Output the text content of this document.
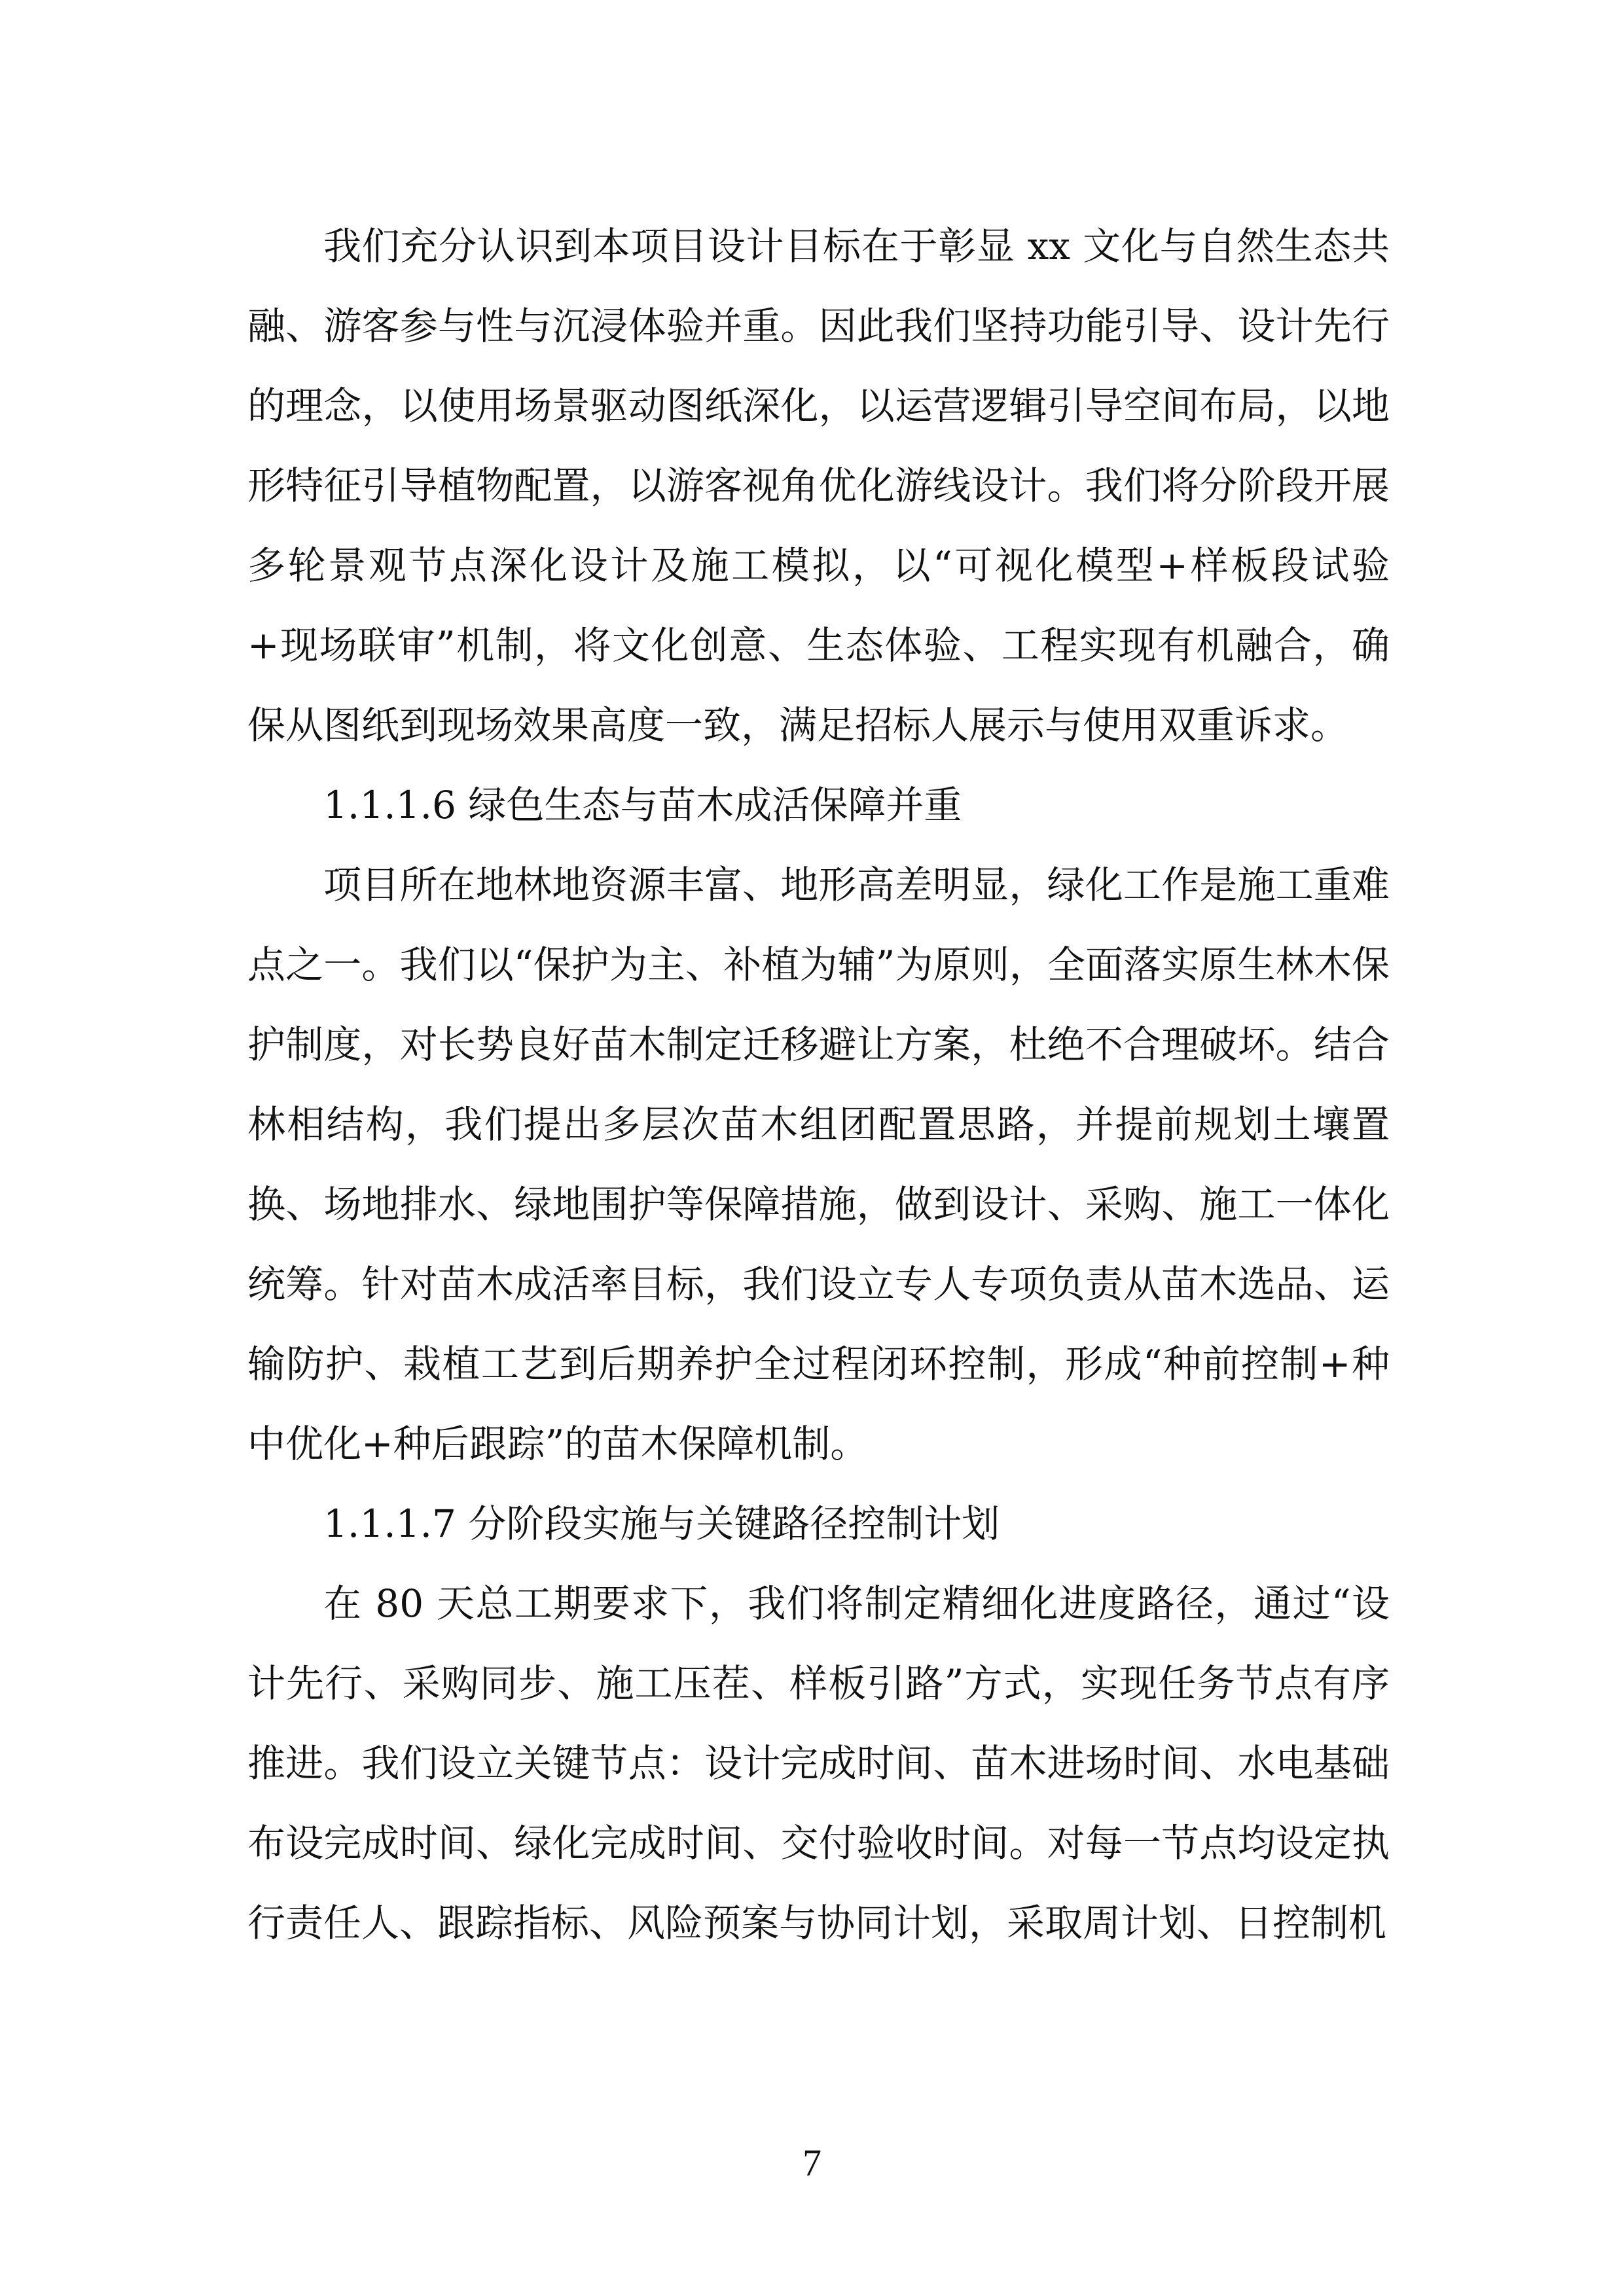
我们充分认识到本项目设计目标在于彰显 xx 文化与自然生态共融、游客参与性与沉浸体验并重。因此我们坚持功能引导、设计先行的理念，以使用场景驱动图纸深化，以运营逻辑引导空间布局，以地形特征引导植物配置，以游客视角优化游线设计。我们将分阶段开展多轮景观节点深化设计及施工模拟，以“可视化模型+样板段试验+现场联审”机制，将文化创意、生态体验、工程实现有机融合，确保从图纸到现场效果高度一致，满足招标人展示与使用双重诉求。

1.1.1.6 绿色生态与苗木成活保障并重

项目所在地林地资源丰富、地形高差明显，绿化工作是施工重难点之一。我们以“保护为主、补植为辅”为原则，全面落实原生林木保护制度，对长势良好苗木制定迁移避让方案，杜绝不合理破坏。结合林相结构，我们提出多层次苗木组团配置思路，并提前规划土壤置换、场地排水、绿地围护等保障措施，做到设计、采购、施工一体化统筹。针对苗木成活率目标，我们设立专人专项负责从苗木选品、运输防护、栽植工艺到后期养护全过程闭环控制，形成“种前控制+种中优化+种后跟踪”的苗木保障机制。

1.1.1.7 分阶段实施与关键路径控制计划

在 80 天总工期要求下，我们将制定精细化进度路径，通过“设计先行、采购同步、施工压茬、样板引路”方式，实现任务节点有序推进。我们设立关键节点：设计完成时间、苗木进场时间、水电基础布设完成时间、绿化完成时间、交付验收时间。对每一节点均设定执行责任人、跟踪指标、风险预案与协同计划，采取周计划、日控制机

7
